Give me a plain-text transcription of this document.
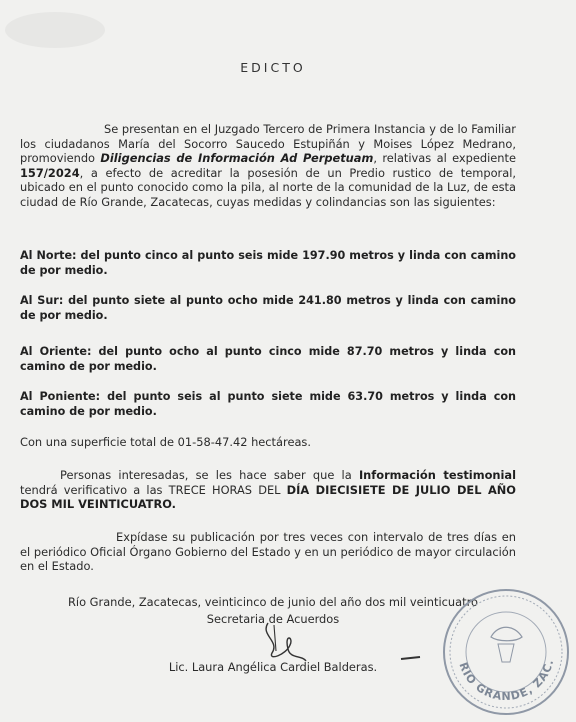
EDICTO
Se presentan en el Juzgado Tercero de Primera Instancia y de lo Familiar los ciudadanos María del Socorro Saucedo Estupiñán y Moises López Medrano, promoviendo Diligencias de Información Ad Perpetuam, relativas al expediente 157/2024, a efecto de acreditar la posesión de un Predio rustico de temporal, ubicado en el punto conocido como la pila, al norte de la comunidad de la Luz, de esta ciudad de Río Grande, Zacatecas, cuyas medidas y colindancias son las siguientes:
Al Norte: del punto cinco al punto seis mide 197.90 metros y linda con camino de por medio.
Al Sur: del punto siete al punto ocho mide 241.80 metros y linda con camino de por medio.
Al Oriente: del punto ocho al punto cinco mide 87.70 metros y linda con camino de por medio.
Al Poniente: del punto seis al punto siete mide 63.70 metros y linda con camino de por medio.
Con una superficie total de 01-58-47.42 hectáreas.
Personas interesadas, se les hace saber que la Información testimonial tendrá verificativo a las TRECE HORAS DEL DÍA DIECISIETE DE JULIO DEL AÑO DOS MIL VEINTICUATRO.
Expídase su publicación por tres veces con intervalo de tres días en el periódico Oficial Órgano Gobierno del Estado y en un periódico de mayor circulación en el Estado.
Río Grande, Zacatecas, veinticinco de junio del año dos mil veinticuatro
Secretaria de Acuerdos
Lic. Laura Angélica Cardiel Balderas.	RIO GRANDE, ZAC.
